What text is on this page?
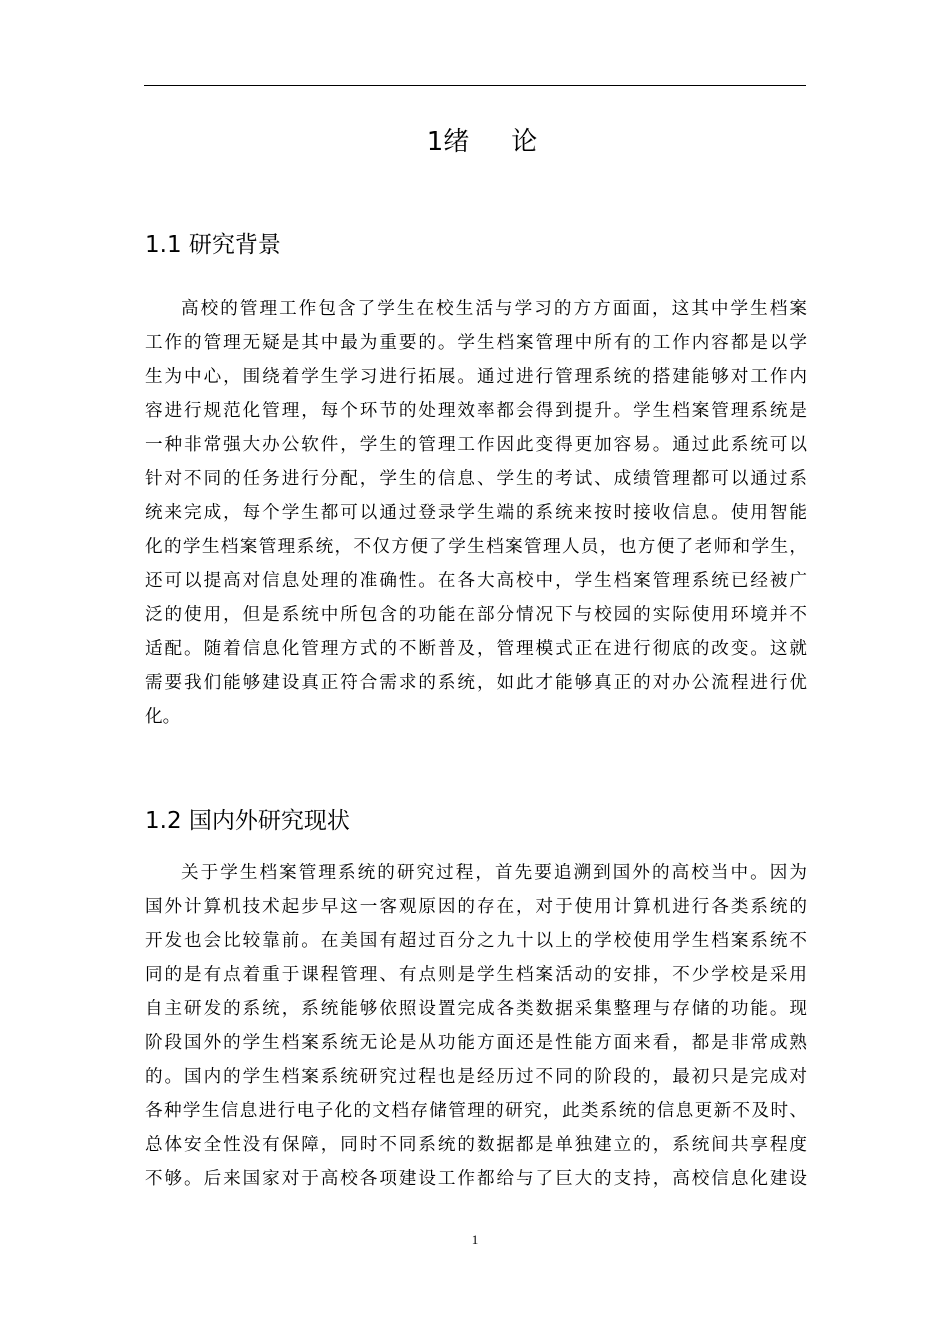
1绪 论
1.1 研究背景
高校的管理工作包含了学生在校生活与学习的方方面面，这其中学生档案
工作的管理无疑是其中最为重要的。学生档案管理中所有的工作内容都是以学
生为中心，围绕着学生学习进行拓展。通过进行管理系统的搭建能够对工作内
容进行规范化管理，每个环节的处理效率都会得到提升。学生档案管理系统是
一种非常强大办公软件，学生的管理工作因此变得更加容易。通过此系统可以
针对不同的任务进行分配，学生的信息、学生的考试、成绩管理都可以通过系
统来完成，每个学生都可以通过登录学生端的系统来按时接收信息。使用智能
化的学生档案管理系统，不仅方便了学生档案管理人员，也方便了老师和学生，
还可以提高对信息处理的准确性。在各大高校中，学生档案管理系统已经被广
泛的使用，但是系统中所包含的功能在部分情况下与校园的实际使用环境并不
适配。随着信息化管理方式的不断普及，管理模式正在进行彻底的改变。这就
需要我们能够建设真正符合需求的系统，如此才能够真正的对办公流程进行优
化。
1.2 国内外研究现状
关于学生档案管理系统的研究过程，首先要追溯到国外的高校当中。因为
国外计算机技术起步早这一客观原因的存在，对于使用计算机进行各类系统的
开发也会比较靠前。在美国有超过百分之九十以上的学校使用学生档案系统不
同的是有点着重于课程管理、有点则是学生档案活动的安排，不少学校是采用
自主研发的系统，系统能够依照设置完成各类数据采集整理与存储的功能。现
阶段国外的学生档案系统无论是从功能方面还是性能方面来看，都是非常成熟
的。国内的学生档案系统研究过程也是经历过不同的阶段的，最初只是完成对
各种学生信息进行电子化的文档存储管理的研究，此类系统的信息更新不及时、
总体安全性没有保障，同时不同系统的数据都是单独建立的，系统间共享程度
不够。后来国家对于高校各项建设工作都给与了巨大的支持，高校信息化建设
1
